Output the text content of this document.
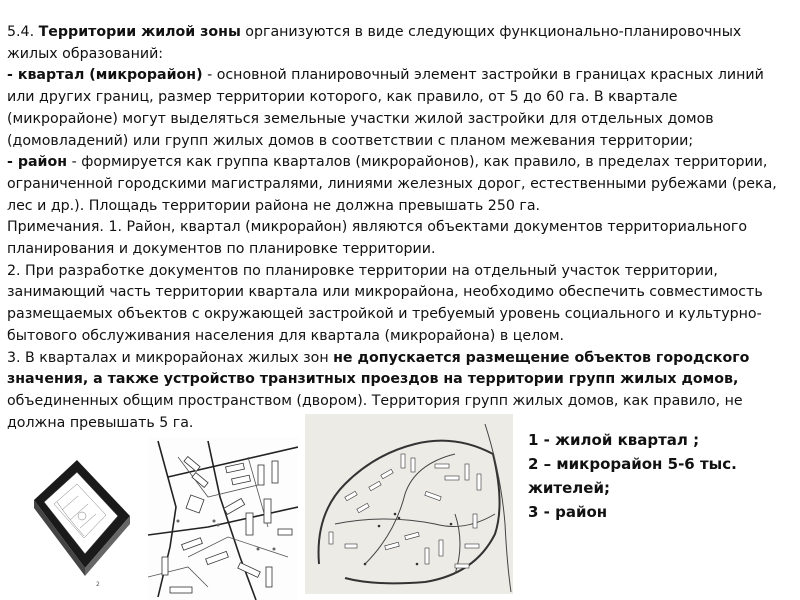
5.4. Территории жилой зоны организуются в виде следующих функционально-планировочных жилых образований:

- квартал (микрорайон) - основной планировочный элемент застройки в границах красных линий или других границ, размер территории которого, как правило, от 5 до 60 га. В квартале (микрорайоне) могут выделяться земельные участки жилой застройки для отдельных домов (домовладений) или групп жилых домов в соответствии с планом межевания территории;

- район - формируется как группа кварталов (микрорайонов), как правило, в пределах территории, ограниченной городскими магистралями, линиями железных дорог, естественными рубежами (река, лес и др.). Площадь территории района не должна превышать 250 га.

Примечания. 1. Район, квартал (микрорайон) являются объектами документов территориального планирования и документов по планировке территории.

2. При разработке документов по планировке территории на отдельный участок территории, занимающий часть территории квартала или микрорайона, необходимо обеспечить совместимость размещаемых объектов с окружающей застройкой и требуемый уровень социального и культурно-бытового обслуживания населения для квартала (микрорайона) в целом.

3. В кварталах и микрорайонах жилых зон не допускается размещение объектов городского значения, а также устройство транзитных проездов на территории групп жилых домов, объединенных общим пространством (двором). Территория групп жилых домов, как правило, не должна превышать 5 га.

2

1 - жилой квартал ;

2 – микрорайон 5-6 тыс.

жителей;

3 - район
